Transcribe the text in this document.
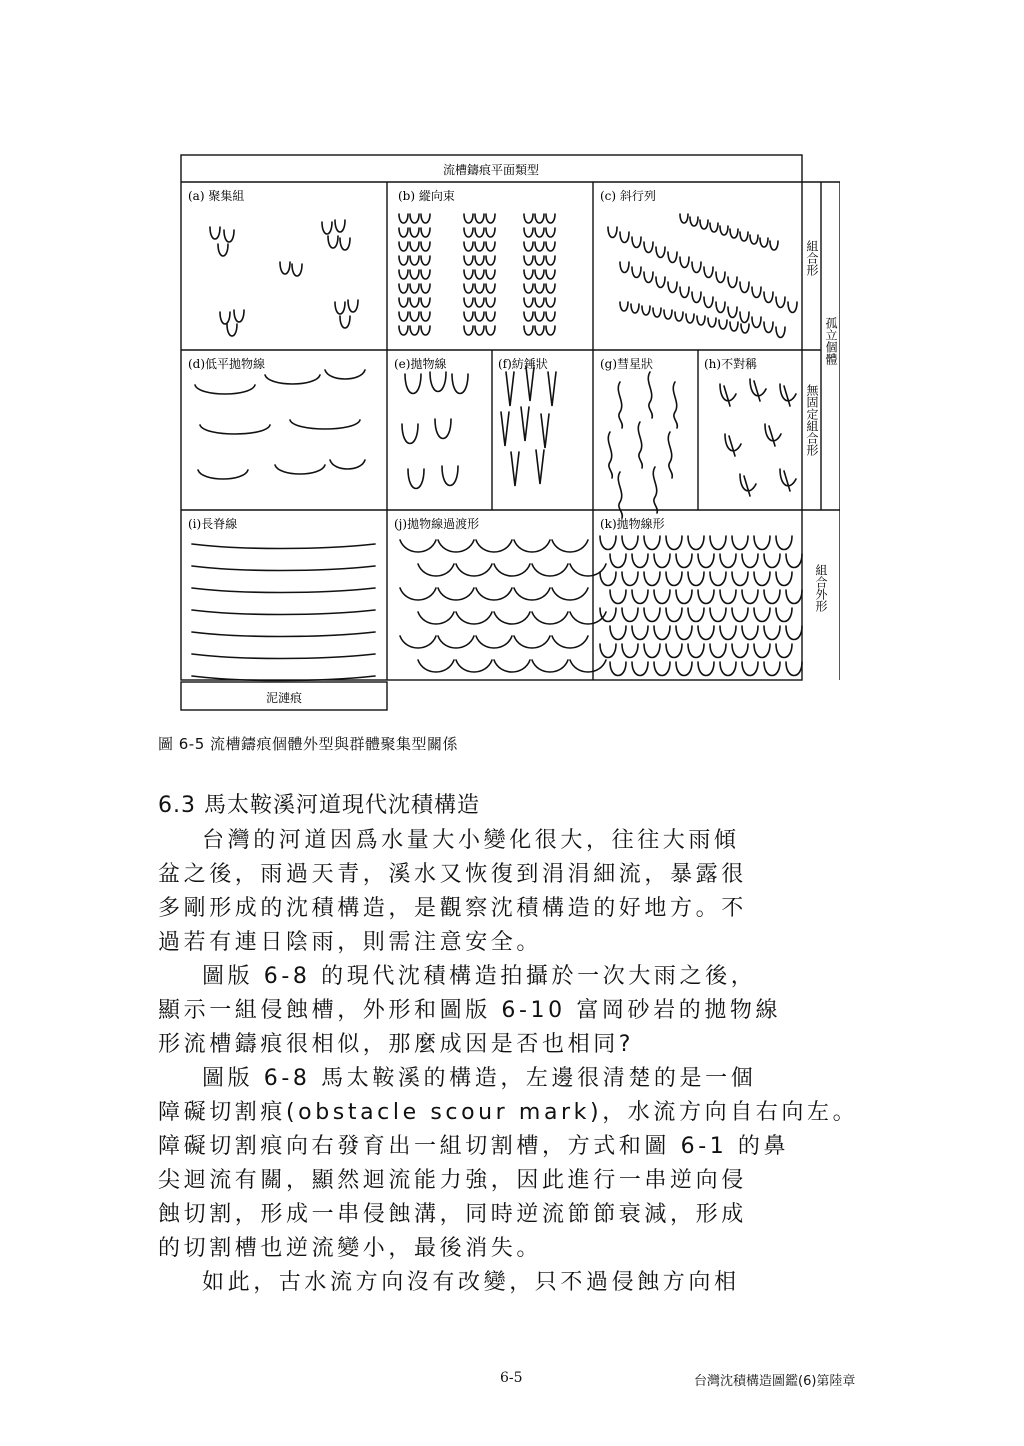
流槽鑄痕平面類型
(a) 聚集組	(b) 縱向束	(c) 斜行列
(d)低平拋物線	(e)拋物線	(f)紡錘狀	(g)彗星狀	(h)不對稱
(i)長脊線	(j)拋物線過渡形	(k)拋物線形
泥漣痕
組合形
孤立個體
無固定組合形
組合外形
圖 6-5 流槽鑄痕個體外型與群體聚集型關係
6.3 馬太鞍溪河道現代沈積構造

台灣的河道因爲水量大小變化很大，往往大雨傾
盆之後，雨過天青，溪水又恢復到涓涓細流，暴露很
多剛形成的沈積構造，是觀察沈積構造的好地方。不
過若有連日陰雨，則需注意安全。

圖版 6-8 的現代沈積構造拍攝於一次大雨之後，
顯示一組侵蝕槽，外形和圖版 6-10 富岡砂岩的拋物線
形流槽鑄痕很相似，那麼成因是否也相同?

圖版 6-8 馬太鞍溪的構造，左邊很清楚的是一個
障礙切割痕(obstacle scour mark)，水流方向自右向左。
障礙切割痕向右發育出一組切割槽，方式和圖 6-1 的鼻
尖迴流有關，顯然迴流能力強，因此進行一串逆向侵
蝕切割，形成一串侵蝕溝，同時逆流節節衰減，形成
的切割槽也逆流變小，最後消失。

如此，古水流方向沒有改變，只不過侵蝕方向相

6-5	台灣沈積構造圖鑑(6)第陸章
